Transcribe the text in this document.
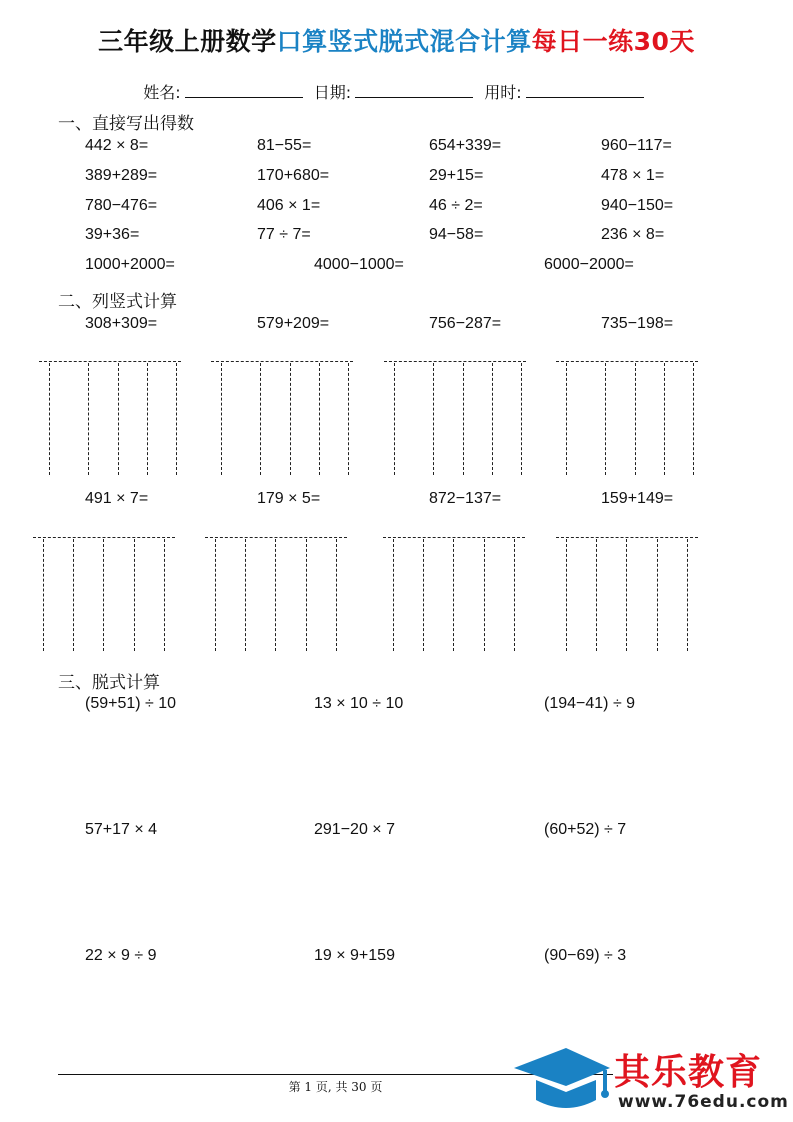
三年级上册数学口算竖式脱式混合计算每日一练30天
姓名:	日期:	用时:
一、直接写出得数
442 × 8=	81−55=	654+339=	960−117=
389+289=	170+680=	29+15=	478 × 1=
780−476=	406 × 1=	46 ÷ 2=	940−150=
39+36=	77 ÷ 7=	94−58=	236 × 8=
1000+2000=	4000−1000=	6000−2000=
二、列竖式计算
308+309=	579+209=	756−287=	735−198=
491 × 7=	179 × 5=	872−137=	159+149=
三、脱式计算
(59+51) ÷ 10	13 × 10 ÷ 10	(194−41) ÷ 9
57+17 × 4	291−20 × 7	(60+52) ÷ 7
22 × 9 ÷ 9	19 × 9+159	(90−69) ÷ 3
第 1 页, 共 30 页	其乐教育
www.76edu.com
